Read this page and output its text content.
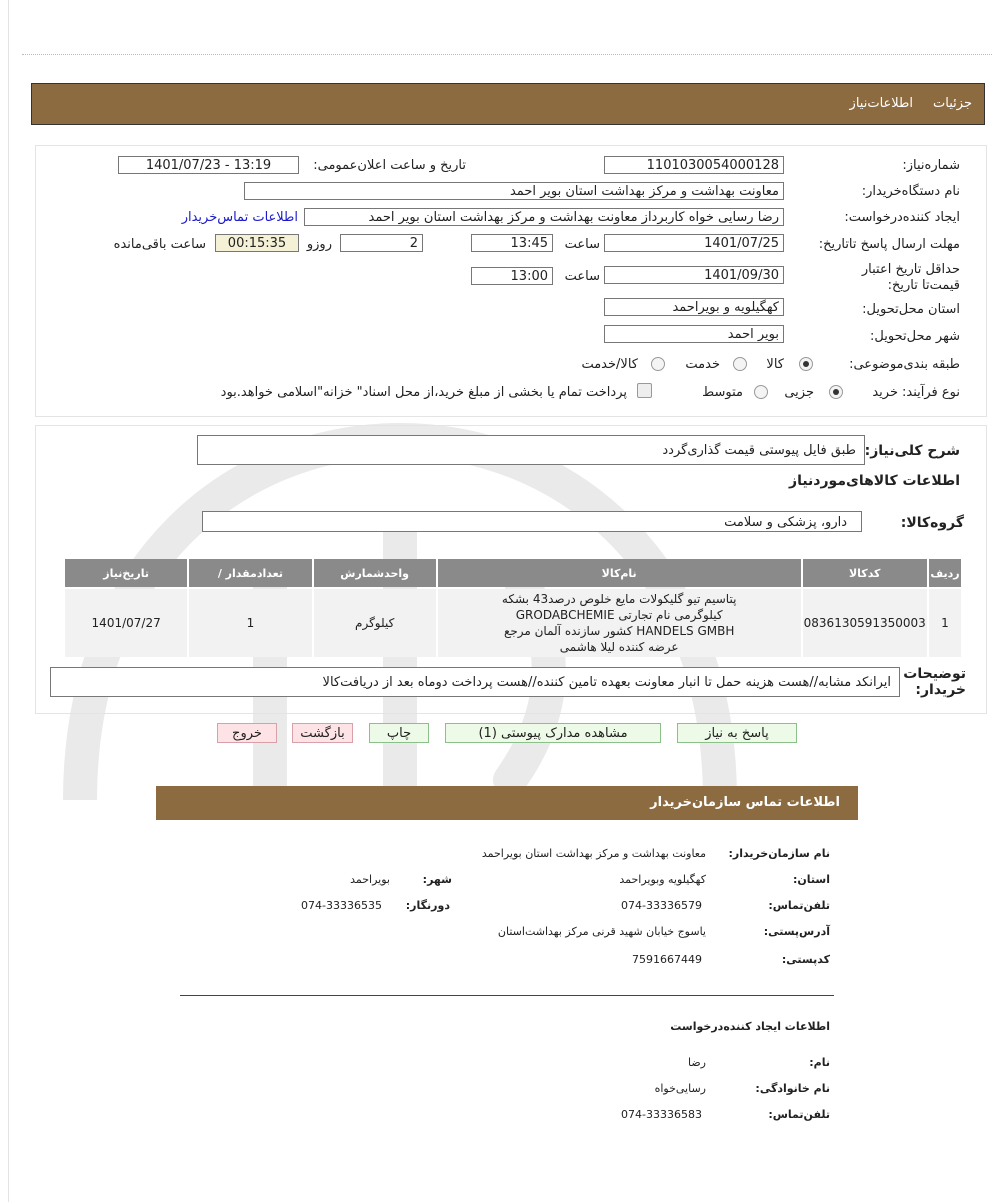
جزئیات
اطلاعات‌نیاز
شماره‌نیاز:
1101030054000128
تاریخ و ساعت اعلان‌عمومی:
1401/07/23 - 13:19
نام دستگاه‌خریدار:
معاونت بهداشت و مرکز بهداشت استان بویر احمد
ایجاد کننده‌درخواست:
رضا رسایی خواه کاربرداز معاونت بهداشت و مرکز بهداشت استان بویر احمد
اطلاعات تماس‌خریدار
مهلت ارسال پاسخ تا‌تاریخ:
1401/07/25
ساعت
13:45
2
روزو
00:15:35
ساعت باقی‌مانده
حداقل تاریخ اعتبار قیمت‌تا تاریخ:
1401/09/30
ساعت
13:00
استان محل‌تحویل:
کهگیلویه و بویراحمد
شهر محل‌تحویل:
بویر احمد
طبقه بندی‌موضوعی:
کالا
خدمت
کالا/خدمت
نوع فرآیند:
خرید
جزیی
متوسط
پرداخت تمام یا بخشی از مبلغ خرید،از محل اسناد" خزانه"اسلامی خواهد.بود
شرح کلی‌نیاز:
طبق فایل پیوستی قیمت گذاری‌گردد
اطلاعات کالاهای‌موردنیاز
گروه‌کالا:
دارو، پزشکی و سلامت
ردیف	کدکالا	نام‌کالا	واحدشمارش	تعدادمقدار /	تاریخ‌نیاز
1	0836130591350003	پتاسیم تیو گلیکولات مایع خلوص درصد43 بشکه کیلوگرمی نام تجارتی GRODABCHEMIE HANDELS GMBH کشور سازنده آلمان مرجع عرضه کننده لیلا هاشمی	کیلوگرم	1	1401/07/27
توضیحات خریدار:
ایرانکد مشابه//هست هزینه حمل تا انبار معاونت بعهده تامین کننده//هست پرداخت دوماه بعد از دریافت‌کالا
پاسخ به نیاز
مشاهده مدارک پیوستی (1)
چاپ
بازگشت
خروج
اطلاعات تماس سازمان‌خریدار
نام سازمان‌خریدار:
معاونت بهداشت و مرکز بهداشت استان بویراحمد
استان:
کهگیلویه وبویراحمد
شهر:
بویراحمد
تلفن‌تماس:
074-33336579
دورنگار:
074-33336535
آدرس‌پستی:
یاسوج خیابان شهید قرنی مرکز بهداشت‌استان
کد‌پستی:
7591667449
اطلاعات ایجاد کننده‌درخواست
نام:
رضا
نام خانوادگی:
رسایی‌خواه
تلفن‌تماس:
074-33336583
